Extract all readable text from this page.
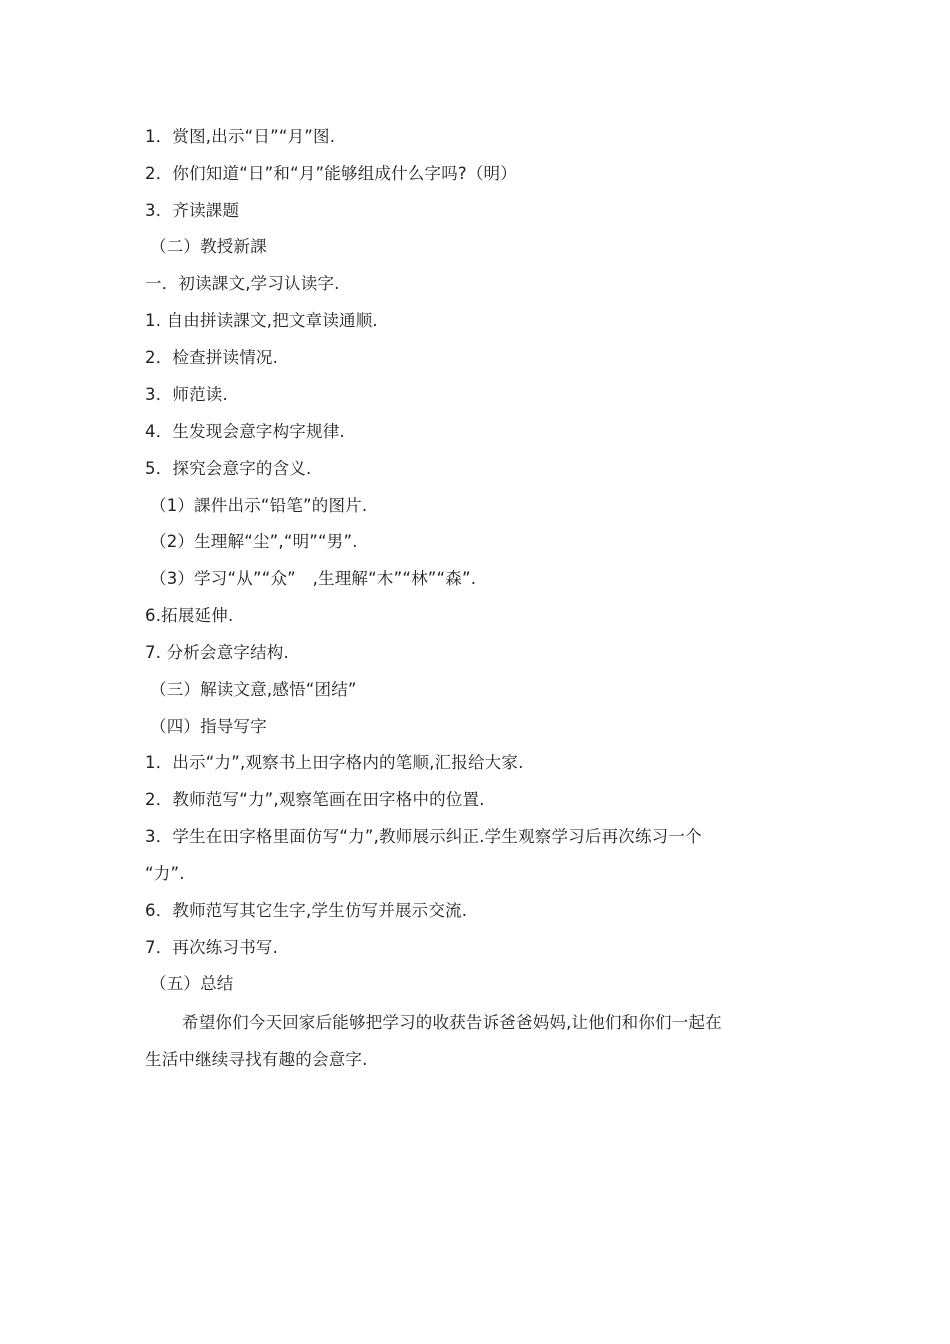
1．赏图,出示“日”“月”图.
2．你们知道“日”和“月”能够组成什么字吗?（明）
3．齐读課题
（二）教授新課
一．初读課文,学习认读字.
1. 自由拼读課文,把文章读通顺.
2．检查拼读情况.
3．师范读.
4．生发现会意字构字规律.
5．探究会意字的含义.
（1）課件出示“铅笔”的图片.
（2）生理解“尘”,“明”“男”.
（3）学习“从”“众”　,生理解“木”“林”“森”.
6.拓展延伸.
7. 分析会意字结构.
（三）解读文意,感悟“团结”
（四）指导写字
1．出示“力”,观察书上田字格内的笔顺,汇报给大家.
2．教师范写“力”,观察笔画在田字格中的位置.
3．学生在田字格里面仿写“力”,教师展示纠正.学生观察学习后再次练习一个
“力”.
6．教师范写其它生字,学生仿写并展示交流.
7．再次练习书写.
（五）总结
希望你们今天回家后能够把学习的收获告诉爸爸妈妈,让他们和你们一起在
生活中继续寻找有趣的会意字.
